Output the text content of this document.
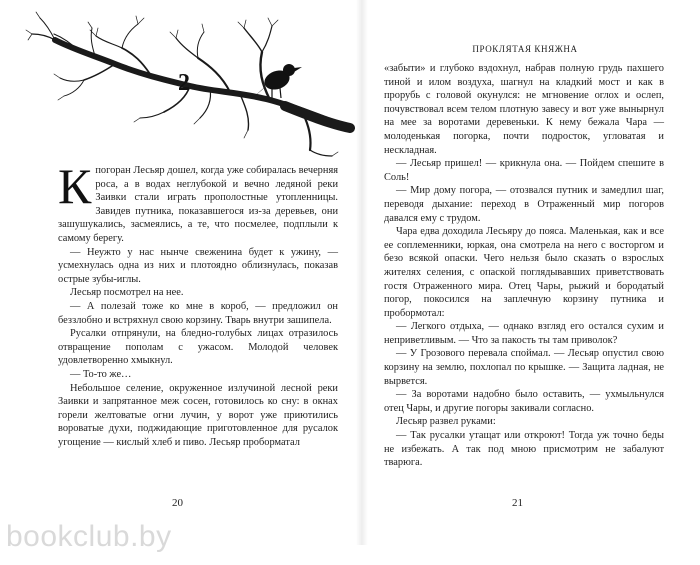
2

Кпогоран Лесьяр дошел, когда уже собиралась вечерняя роса, а в водах неглубокой и вечно ледяной реки Заивки стали играть прополостные утопленницы. Завидев путника, показавшегося из-за деревьев, они зашушукались, засмеялись, а те, что посмелее, подплыли к самому берегу.

— Неужто у нас нынче свеженина будет к ужину, — усмехнулась одна из них и плотоядно облизнулась, показав острые зубы-иглы.

Лесьяр посмотрел на нее.

— А полезай тоже ко мне в короб, — предложил он беззлобно и встряхнул свою корзину. Тварь внутри зашипела.

Русалки отпрянули, на бледно-голубых лицах отразилось отвращение пополам с ужасом. Молодой человек удовлетворенно хмыкнул.

— То-то же…

Небольшое селение, окруженное излучиной лесной реки Заивки и запрятанное меж сосен, готовилось ко сну: в окнах горели желтоватые огни лучин, у ворот уже приютились вороватые духи, поджидающие приготовленное для русалок угощение — кислый хлеб и пиво. Лесьяр проборматал

20
ПРОКЛЯТАЯ КНЯЖНА

«забыти» и глубоко вздохнул, набрав полную грудь пахшего тиной и илом воздуха, шагнул на кладкий мост и как в прорубь с головой окунулся: не мгновение оглох и ослеп, почувствовал всем телом плотную завесу и вот уже вынырнул на мее за воротами деревеньки. К нему бежала Чара — молоденькая погорка, почти подросток, угловатая и нескладная.

— Лесьяр пришел! — крикнула она. — Пойдем спешите в Соль!

— Мир дому погора, — отозвался путник и замедлил шаг, переводя дыхание: переход в Отраженный мир погоров давался ему с трудом.

Чара едва доходила Лесьяру до пояса. Маленькая, как и все ее соплеменники, юркая, она смотрела на него с восторгом и безо всякой опаски. Чего нельзя было сказать о взрослых жителях селения, с опаской поглядывавших приветствовать гостя Отраженного мира. Отец Чары, рыжий и бородатый погор, покосился на заплечную корзину путника и пробормотал:

— Легкого отдыха, — однако взгляд его остался сухим и неприветливым. — Что за пакость ты там приволок?

— У Грозового перевала споймал. — Лесьяр опустил свою корзину на землю, похлопал по крышке. — Защита ладная, не вырвется.

— За воротами надобно было оставить, — ухмыльнулся отец Чары, и другие погоры закивали согласно.

Лесьяр развел руками:

— Так русалки утащат или откроют! Тогда уж точно беды не избежать. А так под мною присмотрим не забалуют тварюга.

21
bookclub.by
